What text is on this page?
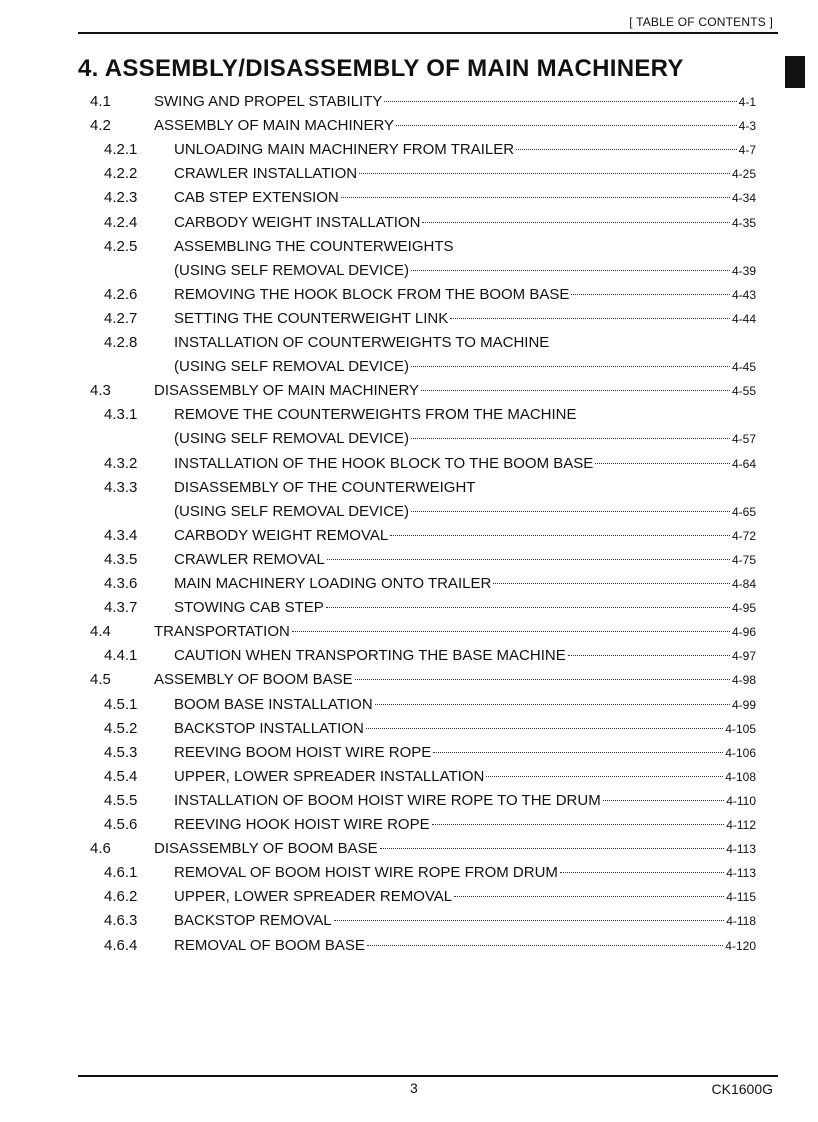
[ TABLE OF CONTENTS ]
4. ASSEMBLY/DISASSEMBLY OF MAIN MACHINERY
4.1	SWING AND PROPEL STABILITY	4-1
4.2	ASSEMBLY OF MAIN MACHINERY	4-3
4.2.1 UNLOADING MAIN MACHINERY FROM TRAILER	4-7
4.2.2 CRAWLER INSTALLATION	4-25
4.2.3 CAB STEP EXTENSION	4-34
4.2.4 CARBODY WEIGHT INSTALLATION	4-35
4.2.5 ASSEMBLING THE COUNTERWEIGHTS
(USING SELF REMOVAL DEVICE)	4-39
4.2.6 REMOVING THE HOOK BLOCK FROM THE BOOM BASE	4-43
4.2.7 SETTING THE COUNTERWEIGHT LINK	4-44
4.2.8 INSTALLATION OF COUNTERWEIGHTS TO MACHINE
(USING SELF REMOVAL DEVICE)	4-45
4.3	DISASSEMBLY OF MAIN MACHINERY	4-55
4.3.1 REMOVE THE COUNTERWEIGHTS FROM THE MACHINE
(USING SELF REMOVAL DEVICE)	4-57
4.3.2 INSTALLATION OF THE HOOK BLOCK TO THE BOOM BASE	4-64
4.3.3 DISASSEMBLY OF THE COUNTERWEIGHT
(USING SELF REMOVAL DEVICE)	4-65
4.3.4 CARBODY WEIGHT REMOVAL	4-72
4.3.5 CRAWLER REMOVAL	4-75
4.3.6 MAIN MACHINERY LOADING ONTO TRAILER	4-84
4.3.7 STOWING CAB STEP	4-95
4.4	TRANSPORTATION	4-96
4.4.1 CAUTION WHEN TRANSPORTING THE BASE MACHINE	4-97
4.5	ASSEMBLY OF BOOM BASE	4-98
4.5.1 BOOM BASE INSTALLATION	4-99
4.5.2 BACKSTOP INSTALLATION	4-105
4.5.3 REEVING BOOM HOIST WIRE ROPE	4-106
4.5.4 UPPER, LOWER SPREADER INSTALLATION	4-108
4.5.5 INSTALLATION OF BOOM HOIST WIRE ROPE TO THE DRUM	4-110
4.5.6 REEVING HOOK HOIST WIRE ROPE	4-112
4.6	DISASSEMBLY OF BOOM BASE	4-113
4.6.1 REMOVAL OF BOOM HOIST WIRE ROPE FROM DRUM	4-113
4.6.2 UPPER, LOWER SPREADER REMOVAL	4-115
4.6.3 BACKSTOP REMOVAL	4-118
4.6.4 REMOVAL OF BOOM BASE	4-120
3	CK1600G
